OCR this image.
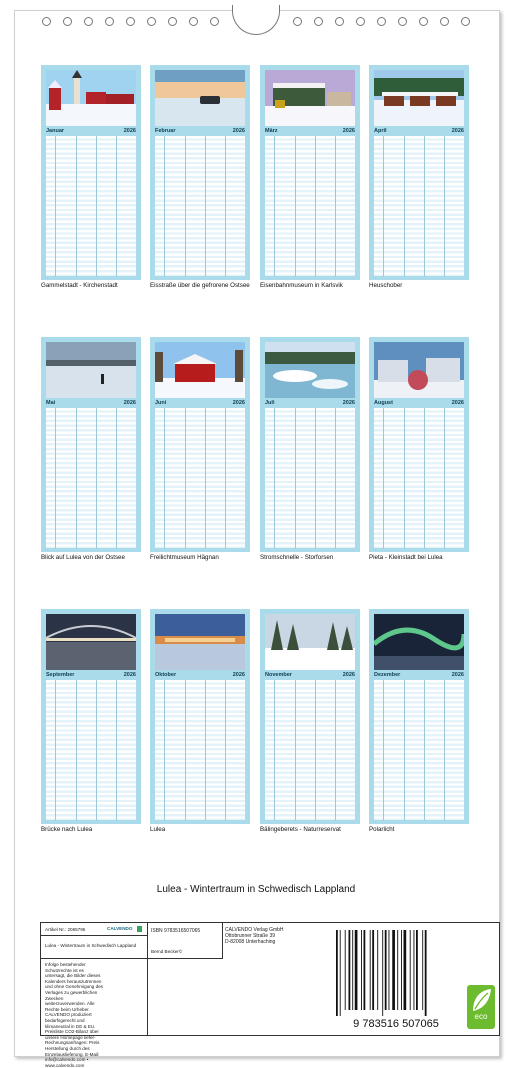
Januar	2026
Gammelstadt - Kirchenstadt
Februar	2026
Eisstraße über die gefrorene Ostsee
März	2026
Eisenbahnmuseum in Karlsvik
April	2026
Heuschober
Mai	2026
Blick auf Lulea von der Ostsee
Juni	2026
Freilichtmuseum Hägnan
Juli	2026
Stromschnelle - Storforsen
August	2026
Pieta - Kleinstadt bei Lulea
September	2026
Brücke nach Lulea
Oktober	2026
Lulea
November	2026
Bälingeberets - Naturreservat
Dezember	2026
Polarlicht
Lulea - Wintertraum in Schwedisch Lappland
Artikel Nr.: 2065795	CALVENDO
Lulea - Wintertraum in Schwedisch Lappland
Infolge bestehender Schutzrechte ist es untersagt, die Bilder dieses Kalenders herauszutrennen und ohne Genehmigung des Verlages zu gewerblichen Zwecken weiterzuverwenden. Alle Rechte beim Urheber. CALVENDO produziert bedarfsgerecht und klimaneutral in DE & EU. Preisliste CO2-Bilanz über unsere Homepage liefer- Rechnungsanfragen: Preis Herstellung durch des Einzelauslieferung. E-Mail: info@calvendo.com • www.calvendo.com
ISBN 9783516507065
Bernd Becker©
CALVENDO Verlag GmbH
Ottobrunner Straße 39
D-82008 Unterhaching
9 783516 507065
eco
